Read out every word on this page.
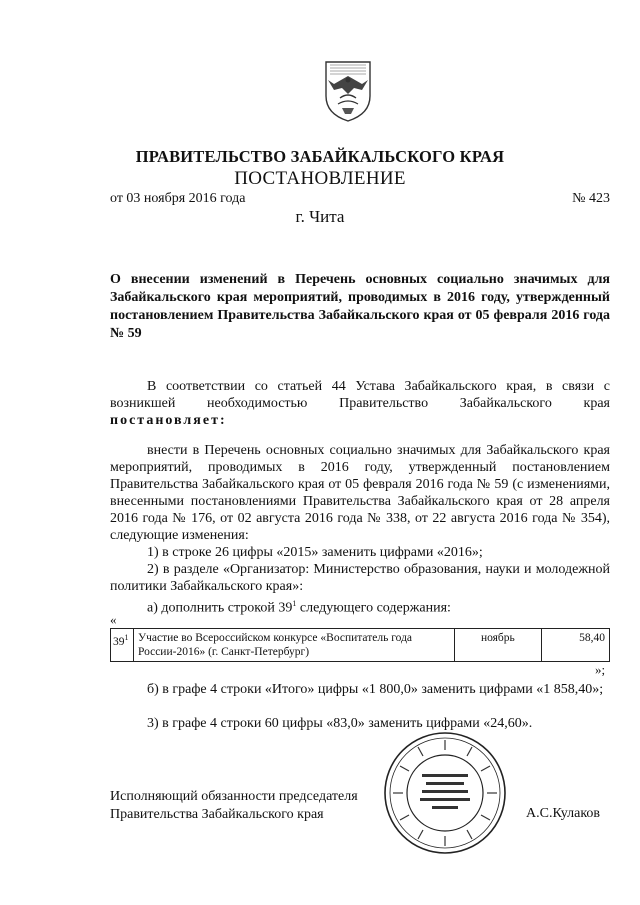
ПРАВИТЕЛЬСТВО ЗАБАЙКАЛЬСКОГО КРАЯ
ПОСТАНОВЛЕНИЕ
от 03 ноября 2016 года	№ 423
г. Чита
О внесении изменений в Перечень основных социально значимых для Забайкальского края мероприятий, проводимых в 2016 году, утвержденный постановлением Правительства Забайкальского края от 05 февраля 2016 года № 59
В соответствии со статьей 44 Устава Забайкальского края, в связи с возникшей необходимостью Правительство Забайкальского края постановляет:
внести в Перечень основных социально значимых для Забайкальского края мероприятий, проводимых в 2016 году, утвержденный постановлением Правительства Забайкальского края от 05 февраля 2016 года № 59 (с изменениями, внесенными постановлениями Правительства Забайкальского края от 28 апреля 2016 года № 176, от 02 августа 2016 года № 338, от 22 августа 2016 года № 354), следующие изменения:
1) в строке 26 цифры «2015» заменить цифрами «2016»;
2) в разделе «Организатор: Министерство образования, науки и молодежной политики Забайкальского края»:
а) дополнить строкой $39^1$ следующего содержания:
«
$39^1$	Участие во Всероссийском конкурсе «Воспитатель года России-2016» (г. Санкт-Петербург)	ноябрь	58,40
»;
б) в графе 4 строки «Итого» цифры «1 800,0» заменить цифрами «1 858,40»;
3) в графе 4 строки 60 цифры «83,0» заменить цифрами «24,60».
Исполняющий обязанности председателя
Правительства Забайкальского края	А.С.Кулаков
